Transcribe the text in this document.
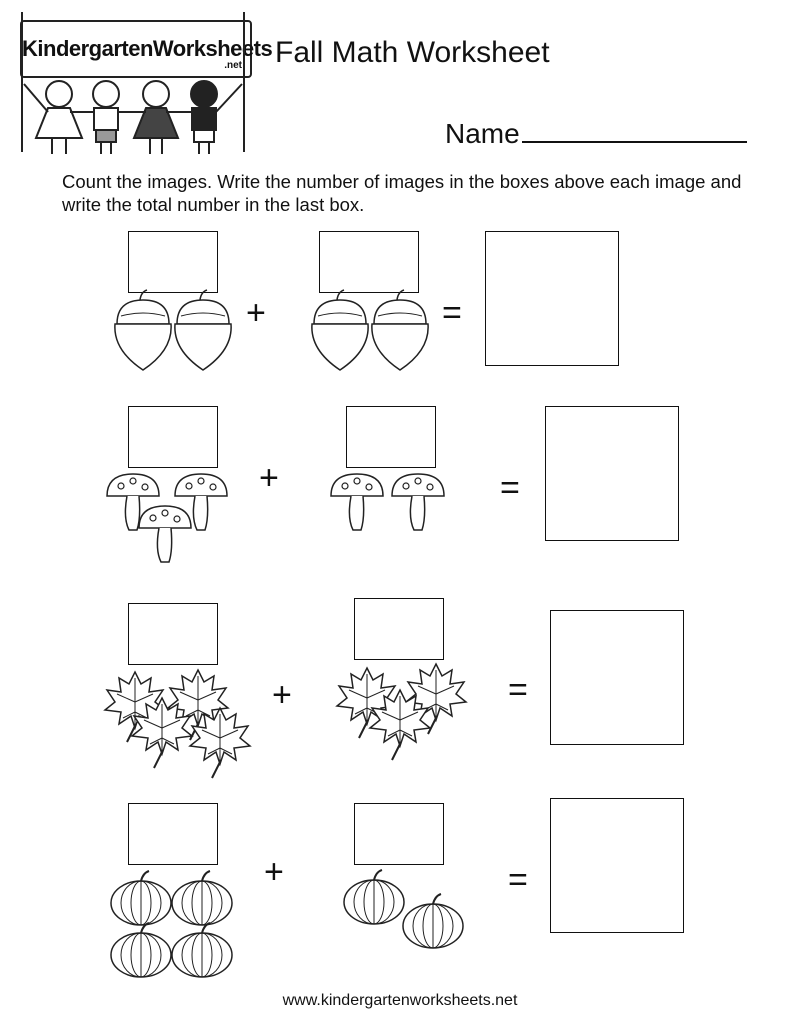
KindergartenWorksheets
.net Fall Math Worksheet
Name
Count the images. Write the number of images in the boxes above each image and write the total number in the last box.
+	=
+	=
+	=
+	=
www.kindergartenworksheets.net
